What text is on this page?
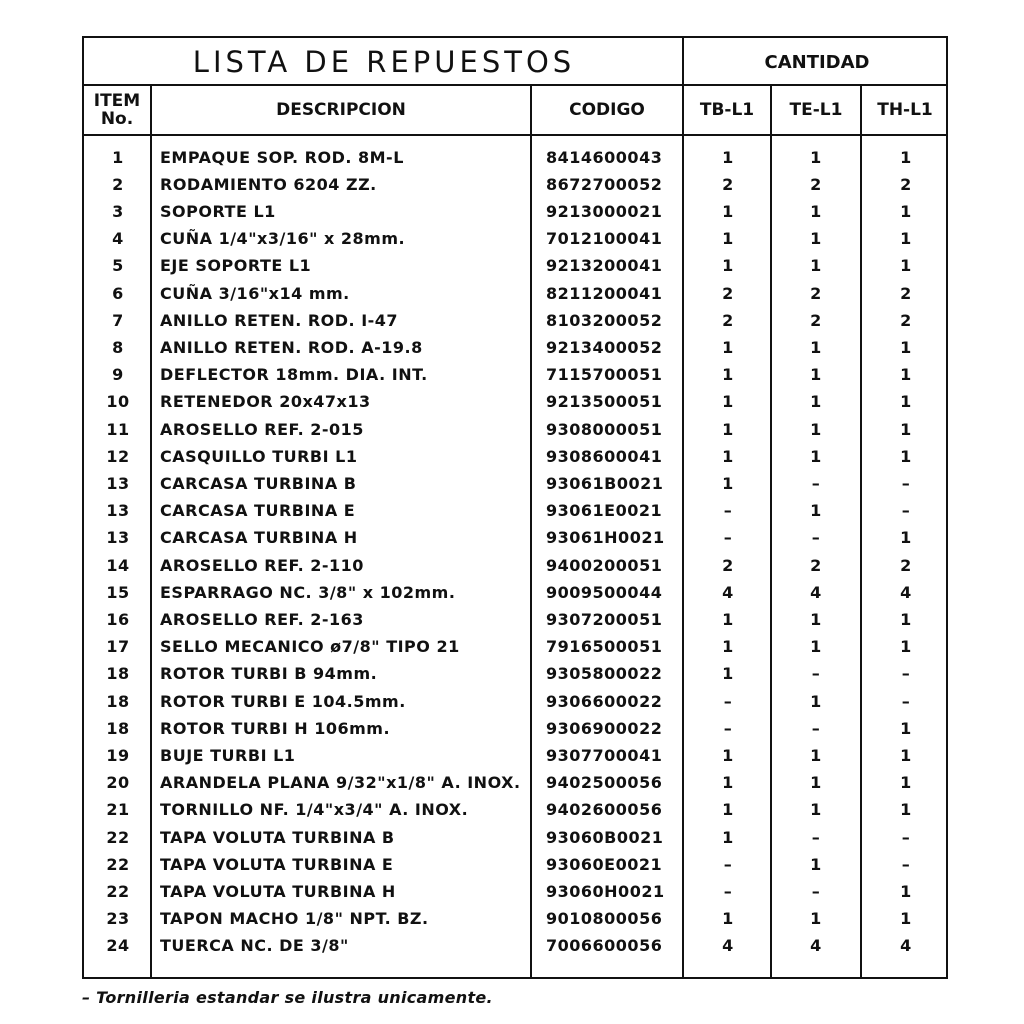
LISTA DE REPUESTOS	CANTIDAD
ITEM
No.	DESCRIPCION	CODIGO	TB-L1	TE-L1	TH-L1
1	EMPAQUE SOP. ROD. 8M-L	8414600043	1	1	1
2	RODAMIENTO 6204 ZZ.	8672700052	2	2	2
3	SOPORTE L1	9213000021	1	1	1
4	CUÑA 1/4"x3/16" x 28mm.	7012100041	1	1	1
5	EJE SOPORTE L1	9213200041	1	1	1
6	CUÑA 3/16"x14 mm.	8211200041	2	2	2
7	ANILLO RETEN. ROD. I-47	8103200052	2	2	2
8	ANILLO RETEN. ROD. A-19.8	9213400052	1	1	1
9	DEFLECTOR 18mm. DIA. INT.	7115700051	1	1	1
10	RETENEDOR 20x47x13	9213500051	1	1	1
11	AROSELLO REF. 2-015	9308000051	1	1	1
12	CASQUILLO TURBI L1	9308600041	1	1	1
13	CARCASA TURBINA B	93061B0021	1	–	–
13	CARCASA TURBINA E	93061E0021	–	1	–
13	CARCASA TURBINA H	93061H0021	–	–	1
14	AROSELLO REF. 2-110	9400200051	2	2	2
15	ESPARRAGO NC. 3/8" x 102mm.	9009500044	4	4	4
16	AROSELLO REF. 2-163	9307200051	1	1	1
17	SELLO MECANICO ø7/8" TIPO 21	7916500051	1	1	1
18	ROTOR TURBI B 94mm.	9305800022	1	–	–
18	ROTOR TURBI E 104.5mm.	9306600022	–	1	–
18	ROTOR TURBI H 106mm.	9306900022	–	–	1
19	BUJE TURBI L1	9307700041	1	1	1
20	ARANDELA PLANA 9/32"x1/8" A. INOX.	9402500056	1	1	1
21	TORNILLO NF. 1/4"x3/4" A. INOX.	9402600056	1	1	1
22	TAPA VOLUTA TURBINA B	93060B0021	1	–	–
22	TAPA VOLUTA TURBINA E	93060E0021	–	1	–
22	TAPA VOLUTA TURBINA H	93060H0021	–	–	1
23	TAPON MACHO 1/8" NPT. BZ.	9010800056	1	1	1
24	TUERCA NC. DE 3/8"	7006600056	4	4	4
– Tornilleria estandar se ilustra unicamente.
